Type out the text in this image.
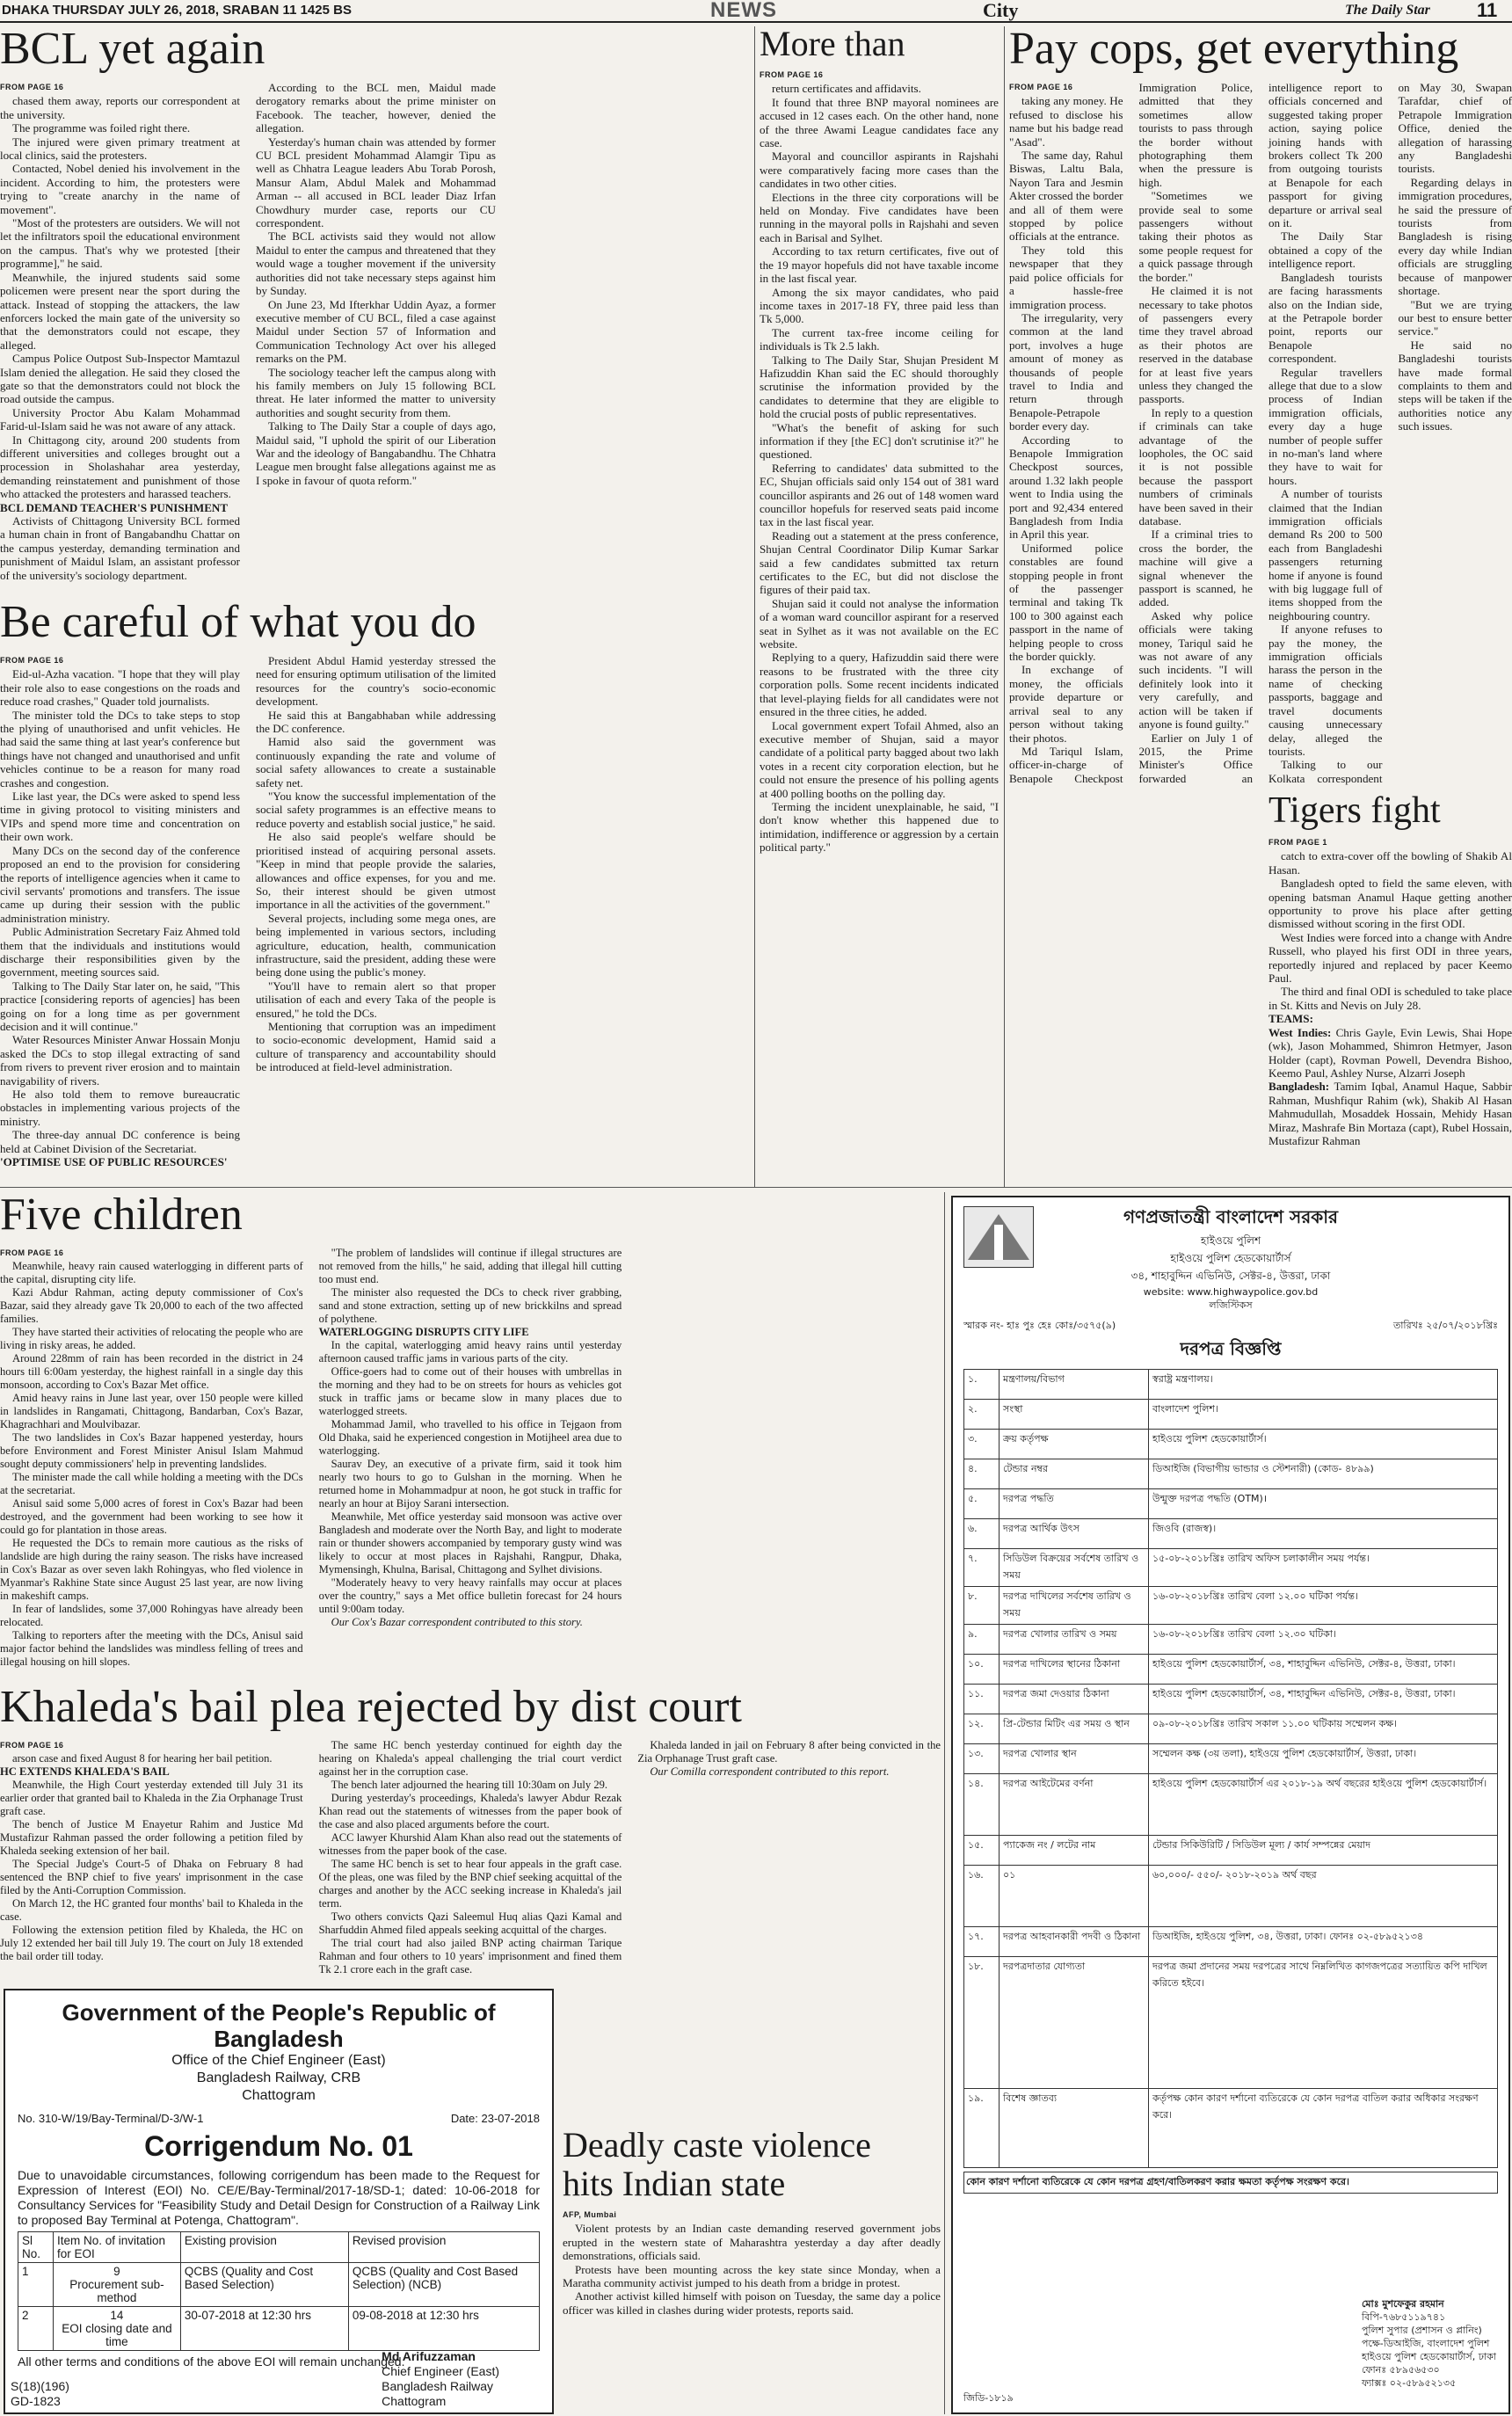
DHAKA THURSDAY JULY 26, 2018, SRABAN 11 1425 BS	NEWS	City	The Daily Star 11
BCL yet again

FROM PAGE 16

chased them away, reports our correspondent at the university.

The programme was foiled right there.

The injured were given primary treatment at local clinics, said the protesters.

Contacted, Nobel denied his involvement in the incident. According to him, the protesters were trying to "create anarchy in the name of movement".

"Most of the protesters are outsiders. We will not let the infiltrators spoil the educational environment on the campus. That's why we protested [their programme]," he said.

Meanwhile, the injured students said some policemen were present near the sport during the attack. Instead of stopping the attackers, the law enforcers locked the main gate of the university so that the demonstrators could not escape, they alleged.

Campus Police Outpost Sub-Inspector Mamtazul Islam denied the allegation. He said they closed the gate so that the demonstrators could not block the road outside the campus.

University Proctor Abu Kalam Mohammad Farid-ul-Islam said he was not aware of any attack.

In Chittagong city, around 200 students from different universities and colleges brought out a procession in Sholashahar area yesterday, demanding reinstatement and punishment of those who attacked the protesters and harassed teachers.

BCL DEMAND TEACHER'S PUNISHMENT

Activists of Chittagong University BCL formed a human chain in front of Bangabandhu Chattar on the campus yesterday, demanding termination and punishment of Maidul Islam, an assistant professor of the university's sociology department.

According to the BCL men, Maidul made derogatory remarks about the prime minister on Facebook. The teacher, however, denied the allegation.

Yesterday's human chain was attended by former CU BCL president Mohammad Alamgir Tipu as well as Chhatra League leaders Abu Torab Porosh, Mansur Alam, Abdul Malek and Mohammad Arman -- all accused in BCL leader Diaz Irfan Chowdhury murder case, reports our CU correspondent.

The BCL activists said they would not allow Maidul to enter the campus and threatened that they would wage a tougher movement if the university authorities did not take necessary steps against him by Sunday.

On June 23, Md Ifterkhar Uddin Ayaz, a former executive member of CU BCL, filed a case against Maidul under Section 57 of Information and Communication Technology Act over his alleged remarks on the PM.

The sociology teacher left the campus along with his family members on July 15 following BCL threat. He later informed the matter to university authorities and sought security from them.

Talking to The Daily Star a couple of days ago, Maidul said, "I uphold the spirit of our Liberation War and the ideology of Bangabandhu. The Chhatra League men brought false allegations against me as I spoke in favour of quota reform."

Be careful of what you do

FROM PAGE 16

Eid-ul-Azha vacation. "I hope that they will play their role also to ease congestions on the roads and reduce road crashes," Quader told journalists.

The minister told the DCs to take steps to stop the plying of unauthorised and unfit vehicles. He had said the same thing at last year's conference but things have not changed and unauthorised and unfit vehicles continue to be a reason for many road crashes and congestion.

Like last year, the DCs were asked to spend less time in giving protocol to visiting ministers and VIPs and spend more time and concentration on their own work.

Many DCs on the second day of the conference proposed an end to the provision for considering the reports of intelligence agencies when it came to civil servants' promotions and transfers. The issue came up during their session with the public administration ministry.

Public Administration Secretary Faiz Ahmed told them that the individuals and institutions would discharge their responsibilities given by the government, meeting sources said.

Talking to The Daily Star later on, he said, "This practice [considering reports of agencies] has been going on for a long time as per government decision and it will continue."

Water Resources Minister Anwar Hossain Monju asked the DCs to stop illegal extracting of sand from rivers to prevent river erosion and to maintain navigability of rivers.

He also told them to remove bureaucratic obstacles in implementing various projects of the ministry.

The three-day annual DC conference is being held at Cabinet Division of the Secretariat.

'OPTIMISE USE OF PUBLIC RESOURCES'

President Abdul Hamid yesterday stressed the need for ensuring optimum utilisation of the limited resources for the country's socio-economic development.

He said this at Bangabhaban while addressing the DC conference.

Hamid also said the government was continuously expanding the rate and volume of social safety allowances to create a sustainable safety net.

"You know the successful implementation of the social safety programmes is an effective means to reduce poverty and establish social justice," he said.

He also said people's welfare should be prioritised instead of acquiring personal assets. "Keep in mind that people provide the salaries, allowances and office expenses, for you and me. So, their interest should be given utmost importance in all the activities of the government."

Several projects, including some mega ones, are being implemented in various sectors, including agriculture, education, health, communication infrastructure, said the president, adding these were being done using the public's money.

"You'll have to remain alert so that proper utilisation of each and every Taka of the people is ensured," he told the DCs.

Mentioning that corruption was an impediment to socio-economic development, Hamid said a culture of transparency and accountability should be introduced at field-level administration.

More than

FROM PAGE 16

return certificates and affidavits.

It found that three BNP mayoral nominees are accused in 12 cases each. On the other hand, none of the three Awami League candidates face any case.

Mayoral and councillor aspirants in Rajshahi were comparatively facing more cases than the candidates in two other cities.

Elections in the three city corporations will be held on Monday. Five candidates have been running in the mayoral polls in Rajshahi and seven each in Barisal and Sylhet.

According to tax return certificates, five out of the 19 mayor hopefuls did not have taxable income in the last fiscal year.

Among the six mayor candidates, who paid income taxes in 2017-18 FY, three paid less than Tk 5,000.

The current tax-free income ceiling for individuals is Tk 2.5 lakh.

Talking to The Daily Star, Shujan President M Hafizuddin Khan said the EC should thoroughly scrutinise the information provided by the candidates to determine that they are eligible to hold the crucial posts of public representatives.

"What's the benefit of asking for such information if they [the EC] don't scrutinise it?" he questioned.

Referring to candidates' data submitted to the EC, Shujan officials said only 154 out of 381 ward councillor aspirants and 26 out of 148 women ward councillor hopefuls for reserved seats paid income tax in the last fiscal year.

Reading out a statement at the press conference, Shujan Central Coordinator Dilip Kumar Sarkar said a few candidates submitted tax return certificates to the EC, but did not disclose the figures of their paid tax.

Shujan said it could not analyse the information of a woman ward councillor aspirant for a reserved seat in Sylhet as it was not available on the EC website.

Replying to a query, Hafizuddin said there were reasons to be frustrated with the three city corporation polls. Some recent incidents indicated that level-playing fields for all candidates were not ensured in the three cities, he added.

Local government expert Tofail Ahmed, also an executive member of Shujan, said a mayor candidate of a political party bagged about two lakh votes in a recent city corporation election, but he could not ensure the presence of his polling agents at 400 polling booths on the polling day.

Terming the incident unexplainable, he said, "I don't know whether this happened due to intimidation, indifference or aggression by a certain political party."

Pay cops, get everything

FROM PAGE 16

taking any money. He refused to disclose his name but his badge read "Asad".

The same day, Rahul Biswas, Laltu Bala, Nayon Tara and Jesmin Akter crossed the border and all of them were stopped by police officials at the entrance.

They told this newspaper that they paid police officials for a hassle-free immigration process.

The irregularity, very common at the land port, involves a huge amount of money as thousands of people travel to India and return through Benapole-Petrapole border every day.

According to Benapole Immigration Checkpost sources, around 1.32 lakh people went to India using the port and 92,434 entered Bangladesh from India in April this year.

Uniformed police constables are found stopping people in front of the passenger terminal and taking Tk 100 to 300 against each passport in the name of helping people to cross the border quickly.

In exchange of money, the officials provide departure or arrival seal to any person without taking their photos.

Md Tariqul Islam, officer-in-charge of Benapole Checkpost Immigration Police, admitted that they sometimes allow tourists to pass through the border without photographing them when the pressure is high.

"Sometimes we provide seal to some passengers without taking their photos as some people request for a quick passage through the border."

He claimed it is not necessary to take photos of passengers every time they travel abroad as their photos are reserved in the database for at least five years unless they changed the passports.

In reply to a question if criminals can take advantage of the loopholes, the OC said it is not possible because the passport numbers of criminals have been saved in their database.

If a criminal tries to cross the border, the machine will give a signal whenever the passport is scanned, he added.

Asked why police officials were taking money, Tariqul said he was not aware of any such incidents. "I will definitely look into it very carefully, and action will be taken if anyone is found guilty."

Earlier on July 1 of 2015, the Prime Minister's Office forwarded an intelligence report to officials concerned and suggested taking proper action, saying police joining hands with brokers collect Tk 200 from outgoing tourists at Benapole for each passport for giving departure or arrival seal on it.

The Daily Star obtained a copy of the intelligence report.

Bangladesh tourists are facing harassments also on the Indian side, at the Petrapole border point, reports our Benapole correspondent.

Regular travellers allege that due to a slow process of Indian immigration officials, every day a huge number of people suffer in no-man's land where they have to wait for hours.

A number of tourists claimed that the Indian immigration officials demand Rs 200 to 500 each from Bangladeshi passengers returning home if anyone is found with big luggage full of items shopped from the neighbouring country.

If anyone refuses to pay the money, the immigration officials harass the person in the name of checking passports, baggage and travel documents causing unnecessary delay, alleged the tourists.

Talking to our Kolkata correspondent on May 30, Swapan Tarafdar, chief of Petrapole Immigration Office, denied the allegation of harassing any Bangladeshi tourists.

Regarding delays in immigration procedures, he said the pressure of tourists from Bangladesh is rising every day while Indian officials are struggling because of manpower shortage.

"But we are trying our best to ensure better service."

He said no Bangladeshi tourists have made formal complaints to them and steps will be taken if the authorities notice any such issues.

Tigers fight

FROM PAGE 1

catch to extra-cover off the bowling of Shakib Al Hasan.

Bangladesh opted to field the same eleven, with opening batsman Anamul Haque getting another opportunity to prove his place after getting dismissed without scoring in the first ODI.

West Indies were forced into a change with Andre Russell, who played his first ODI in three years, reportedly injured and replaced by pacer Keemo Paul.

The third and final ODI is scheduled to take place in St. Kitts and Nevis on July 28.

TEAMS:

West Indies: Chris Gayle, Evin Lewis, Shai Hope (wk), Jason Mohammed, Shimron Hetmyer, Jason Holder (capt), Rovman Powell, Devendra Bishoo, Keemo Paul, Ashley Nurse, Alzarri Joseph

Bangladesh: Tamim Iqbal, Anamul Haque, Sabbir Rahman, Mushfiqur Rahim (wk), Shakib Al Hasan Mahmudullah, Mosaddek Hossain, Mehidy Hasan Miraz, Mashrafe Bin Mortaza (capt), Rubel Hossain, Mustafizur Rahman

Five children

FROM PAGE 16

Meanwhile, heavy rain caused waterlogging in different parts of the capital, disrupting city life.

Kazi Abdur Rahman, acting deputy commissioner of Cox's Bazar, said they already gave Tk 20,000 to each of the two affected families.

They have started their activities of relocating the people who are living in risky areas, he added.

Around 228mm of rain has been recorded in the district in 24 hours till 6:00am yesterday, the highest rainfall in a single day this monsoon, according to Cox's Bazar Met office.

Amid heavy rains in June last year, over 150 people were killed in landslides in Rangamati, Chittagong, Bandarban, Cox's Bazar, Khagrachhari and Moulvibazar.

The two landslides in Cox's Bazar happened yesterday, hours before Environment and Forest Minister Anisul Islam Mahmud sought deputy commissioners' help in preventing landslides.

The minister made the call while holding a meeting with the DCs at the secretariat.

Anisul said some 5,000 acres of forest in Cox's Bazar had been destroyed, and the government had been working to see how it could go for plantation in those areas.

He requested the DCs to remain more cautious as the risks of landslide are high during the rainy season. The risks have increased in Cox's Bazar as over seven lakh Rohingyas, who fled violence in Myanmar's Rakhine State since August 25 last year, are now living in makeshift camps.

In fear of landslides, some 37,000 Rohingyas have already been relocated.

Talking to reporters after the meeting with the DCs, Anisul said major factor behind the landslides was mindless felling of trees and illegal housing on hill slopes.

"The problem of landslides will continue if illegal structures are not removed from the hills," he said, adding that illegal hill cutting too must end.

The minister also requested the DCs to check river grabbing, sand and stone extraction, setting up of new brickkilns and spread of polythene.

WATERLOGGING DISRUPTS CITY LIFE

In the capital, waterlogging amid heavy rains until yesterday afternoon caused traffic jams in various parts of the city.

Office-goers had to come out of their houses with umbrellas in the morning and they had to be on streets for hours as vehicles got stuck in traffic jams or became slow in many places due to waterlogged streets.

Mohammad Jamil, who travelled to his office in Tejgaon from Old Dhaka, said he experienced congestion in Motijheel area due to waterlogging.

Saurav Dey, an executive of a private firm, said it took him nearly two hours to go to Gulshan in the morning. When he returned home in Mohammadpur at noon, he got stuck in traffic for nearly an hour at Bijoy Sarani intersection.

Meanwhile, Met office yesterday said monsoon was active over Bangladesh and moderate over the North Bay, and light to moderate rain or thunder showers accompanied by temporary gusty wind was likely to occur at most places in Rajshahi, Rangpur, Dhaka, Mymensingh, Khulna, Barisal, Chittagong and Sylhet divisions.

"Moderately heavy to very heavy rainfalls may occur at places over the country," says a Met office bulletin forecast for 24 hours until 9:00am today.

Our Cox's Bazar correspondent contributed to this story.

Khaleda's bail plea rejected by dist court

FROM PAGE 16

arson case and fixed August 8 for hearing her bail petition.

HC EXTENDS KHALEDA'S BAIL

Meanwhile, the High Court yesterday extended till July 31 its earlier order that granted bail to Khaleda in the Zia Orphanage Trust graft case.

The bench of Justice M Enayetur Rahim and Justice Md Mustafizur Rahman passed the order following a petition filed by Khaleda seeking extension of her bail.

The Special Judge's Court-5 of Dhaka on February 8 had sentenced the BNP chief to five years' imprisonment in the case filed by the Anti-Corruption Commission.

On March 12, the HC granted four months' bail to Khaleda in the case.

Following the extension petition filed by Khaleda, the HC on July 12 extended her bail till July 19. The court on July 18 extended the bail order till today.

The same HC bench yesterday continued for eighth day the hearing on Khaleda's appeal challenging the trial court verdict against her in the corruption case.

The bench later adjourned the hearing till 10:30am on July 29.

During yesterday's proceedings, Khaleda's lawyer Abdur Rezak Khan read out the statements of witnesses from the paper book of the case and also placed arguments before the court.

ACC lawyer Khurshid Alam Khan also read out the statements of witnesses from the paper book of the case.

The same HC bench is set to hear four appeals in the graft case. Of the pleas, one was filed by the BNP chief seeking acquittal of the charges and another by the ACC seeking increase in Khaleda's jail term.

Two others convicts Qazi Saleemul Huq alias Qazi Kamal and Sharfuddin Ahmed filed appeals seeking acquittal of the charges.

The trial court had also jailed BNP acting chairman Tarique Rahman and four others to 10 years' imprisonment and fined them Tk 2.1 crore each in the graft case.

Khaleda landed in jail on February 8 after being convicted in the Zia Orphanage Trust graft case.

Our Comilla correspondent contributed to this report.

Government of the People's Republic of Bangladesh
Office of the Chief Engineer (East)
Bangladesh Railway, CRB
Chattogram
No. 310-W/19/Bay-Terminal/D-3/W-1	Date: 23-07-2018
Corrigendum No. 01
Due to unavoidable circumstances, following corrigendum has been made to the Request for Expression of Interest (EOI) No. CE/E/Bay-Terminal/2017-18/SD-1; dated: 10-06-2018 for Consultancy Services for "Feasibility Study and Detail Design for Construction of a Railway Link to proposed Bay Terminal at Potenga, Chattogram".
Sl No.	Item No. of invitation for EOI	Existing provision	Revised provision
1	9
Procurement sub-method	QCBS (Quality and Cost Based Selection)	QCBS (Quality and Cost Based Selection) (NCB)
2	14
EOI closing date and time	30-07-2018 at 12:30 hrs	09-08-2018 at 12:30 hrs
All other terms and conditions of the above EOI will remain unchanged.
Md Arifuzzaman
Chief Engineer (East)
Bangladesh Railway
Chattogram
S(18)(196)
GD-1823
Deadly caste violence
hits Indian state

AFP, Mumbai

Violent protests by an Indian caste demanding reserved government jobs erupted in the western state of Maharashtra yesterday a day after deadly demonstrations, officials said.

Protests have been mounting across the key state since Monday, when a Maratha community activist jumped to his death from a bridge in protest.

Another activist killed himself with poison on Tuesday, the same day a police officer was killed in clashes during wider protests, reports said.

গণপ্রজাতন্ত্রী বাংলাদেশ সরকার
হাইওয়ে পুলিশ
হাইওয়ে পুলিশ হেডকোয়ার্টার্স
৩৪, শাহাবুদ্দিন এভিনিউ, সেক্টর-৪, উত্তরা, ঢাকা
website: www.highwaypolice.gov.bd
লজিস্টিকস
স্মারক নং- হাঃ পুঃ হেঃ কোঃ/৩৫৭৫(৯)	তারিখঃ ২৫/০৭/২০১৮খ্রিঃ
দরপত্র বিজ্ঞপ্তি
১.	মন্ত্রণালয়/বিভাগ	স্বরাষ্ট্র মন্ত্রণালয়।
২.	সংস্থা	বাংলাদেশ পুলিশ।
৩.	ক্রয় কর্তৃপক্ষ	হাইওয়ে পুলিশ হেডকোয়ার্টার্স।
৪.	টেন্ডার নম্বর	ডিআইজি (বিভাগীয় ভান্ডার ও স্টেশনারী) (কোড- ৪৮৯৯)
৫.	দরপত্র পদ্ধতি	উন্মুক্ত দরপত্র পদ্ধতি (OTM)।
৬.	দরপত্র আর্থিক উৎস	জিওবি (রাজস্ব)।
৭.	সিডিউল বিক্রয়ের সর্বশেষ তারিখ ও সময়	১৫-০৮-২০১৮খ্রিঃ তারিখ অফিস চলাকালীন সময় পর্যন্ত।
৮.	দরপত্র দাখিলের সর্বশেষ তারিখ ও সময়	১৬-০৮-২০১৮খ্রিঃ তারিখ বেলা ১২.০০ ঘটিকা পর্যন্ত।
৯.	দরপত্র খোলার তারিখ ও সময়	১৬-০৮-২০১৮খ্রিঃ তারিখ বেলা ১২.৩০ ঘটিকা।
১০.	দরপত্র দাখিলের স্থানের ঠিকানা	হাইওয়ে পুলিশ হেডকোয়ার্টার্স, ৩৪, শাহাবুদ্দিন এভিনিউ, সেক্টর-৪, উত্তরা, ঢাকা।
১১.	দরপত্র জমা দেওয়ার ঠিকানা	হাইওয়ে পুলিশ হেডকোয়ার্টার্স, ৩৪, শাহাবুদ্দিন এভিনিউ, সেক্টর-৪, উত্তরা, ঢাকা।
১২.	প্রি-টেন্ডার মিটিং এর সময় ও স্থান	০৯-০৮-২০১৮খ্রিঃ তারিখ সকাল ১১.০০ ঘটিকায় সম্মেলন কক্ষ।
১৩.	দরপত্র খোলার স্থান	সম্মেলন কক্ষ (৩য় তলা), হাইওয়ে পুলিশ হেডকোয়ার্টার্স, উত্তরা, ঢাকা।
১৪.	দরপত্র আইটেমের বর্ণনা	হাইওয়ে পুলিশ হেডকোয়ার্টার্স এর ২০১৮-১৯ অর্থ বছরের হাইওয়ে পুলিশ হেডকোয়ার্টার্স।
১৫.	প্যাকেজ নং / লটের নাম	টেন্ডার সিকিউরিটি / সিডিউল মূল্য / কার্য সম্পন্নের মেয়াদ
১৬.	০১	৬০,০০০/- ৫৫০/- ২০১৮-২০১৯ অর্থ বছর
১৭.	দরপত্র আহবানকারী পদবী ও ঠিকানা	ডিআইজি, হাইওয়ে পুলিশ, ৩৪, উত্তরা, ঢাকা। ফোনঃ ০২-৫৮৯৫২১৩৪
১৮.	দরপত্রদাতার যোগ্যতা	দরপত্র জমা প্রদানের সময় দরপত্রের সাথে নিম্নলিখিত কাগজপত্রের সত্যায়িত কপি দাখিল করিতে হইবে।
১৯.	বিশেষ জ্ঞাতব্য	কর্তৃপক্ষ কোন কারণ দর্শানো ব্যতিরেকে যে কোন দরপত্র বাতিল করার অধিকার সংরক্ষণ করে।
কোন কারণ দর্শানো ব্যতিরেকে যে কোন দরপত্র গ্রহণ/বাতিলকরণ করার ক্ষমতা কর্তৃপক্ষ সংরক্ষণ করে।
মোঃ মুশফেকুর রহমান
বিপি-৭৬৮৫১১৯৭৪১
পুলিশ সুপার (প্রশাসন ও প্লানিং)
পক্ষে-ডিআইজি, বাংলাদেশ পুলিশ
হাইওয়ে পুলিশ হেডকোয়ার্টার্স, ঢাকা
ফোনঃ ৫৮৯৫৬৫৩০
ফ্যাক্সঃ ০২-৫৮৯৫২১৩৫
জিডি-১৮১৯
